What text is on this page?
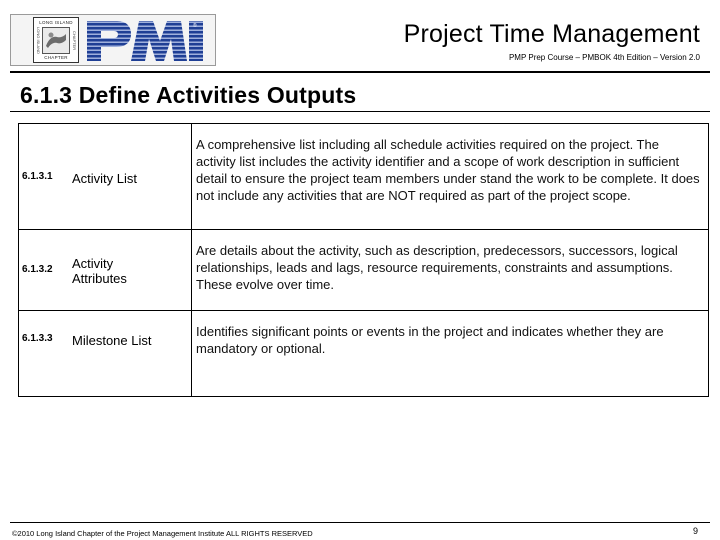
LONG ISLAND
LONG ISLAND	CHAPTER
CHAPTER
®	Project Time Management
PMP Prep Course – PMBOK 4th Edition – Version 2.0
6.1.3 Define Activities Outputs
6.1.3.1 Activity List	A comprehensive list including all schedule activities required on the project. The activity list includes the activity identifier and a scope of work description in sufficient detail to ensure the project team members under stand the work to be complete. It does not include any activities that are NOT required as part of the project scope.

6.1.3.2 Activity Attributes	Are details about the activity, such as description, predecessors, successors, logical relationships, leads and lags, resource requirements, constraints and assumptions. These evolve over time.

6.1.3.3 Milestone List	Identifies significant points or events in the project and indicates whether they are mandatory or optional.
©2010 Long Island Chapter of the Project Management Institute ALL RIGHTS RESERVED	9
